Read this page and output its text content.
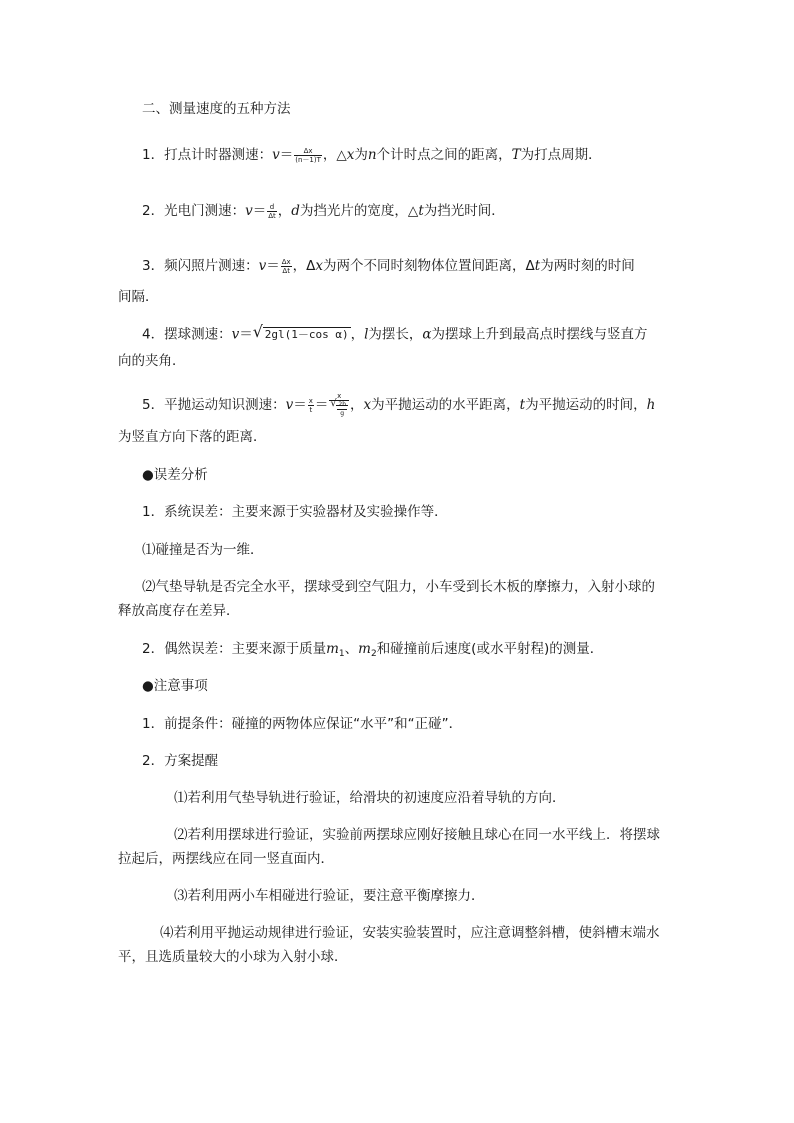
二、测量速度的五种方法
1．打点计时器测速：$v= \frac{\Delta x}{(n-1)T}$ ，△x为n个计时点之间的距离，T为打点周期．
2．光电门测速：$v= \frac{d}{\Delta t}$ ，d为挡光片的宽度，△t为挡光时间．
3．频闪照片测速：$v= \frac{\Delta x}{\Delta t}$ ，Δx为两个不同时刻物体位置间距离，Δt为两时刻的时间
间隔．
4．摆球测速：v＝ √ 2gl(1－cos α) ，l为摆长，α为摆球上升到最高点时摆线与竖直方
向的夹角．
5．平抛运动知识测速：$v= \frac{x}{t} = \frac{x}{√ \frac{2h}{g}}$ ，x为平抛运动的水平距离，t为平抛运动的时间，h
为竖直方向下落的距离．
●误差分析
1．系统误差：主要来源于实验器材及实验操作等．
⑴碰撞是否为一维．
⑵气垫导轨是否完全水平，摆球受到空气阻力，小车受到长木板的摩擦力，入射小球的
释放高度存在差异．
2．偶然误差：主要来源于质量$m_1$、$m_2$和碰撞前后速度(或水平射程)的测量．
●注意事项
1．前提条件：碰撞的两物体应保证“水平”和“正碰”．
2．方案提醒
⑴若利用气垫导轨进行验证，给滑块的初速度应沿着导轨的方向．
⑵若利用摆球进行验证，实验前两摆球应刚好接触且球心在同一水平线上．将摆球
拉起后，两摆线应在同一竖直面内．
⑶若利用两小车相碰进行验证，要注意平衡摩擦力．
⑷若利用平抛运动规律进行验证，安装实验装置时，应注意调整斜槽，使斜槽末端水
平，且选质量较大的小球为入射小球．
